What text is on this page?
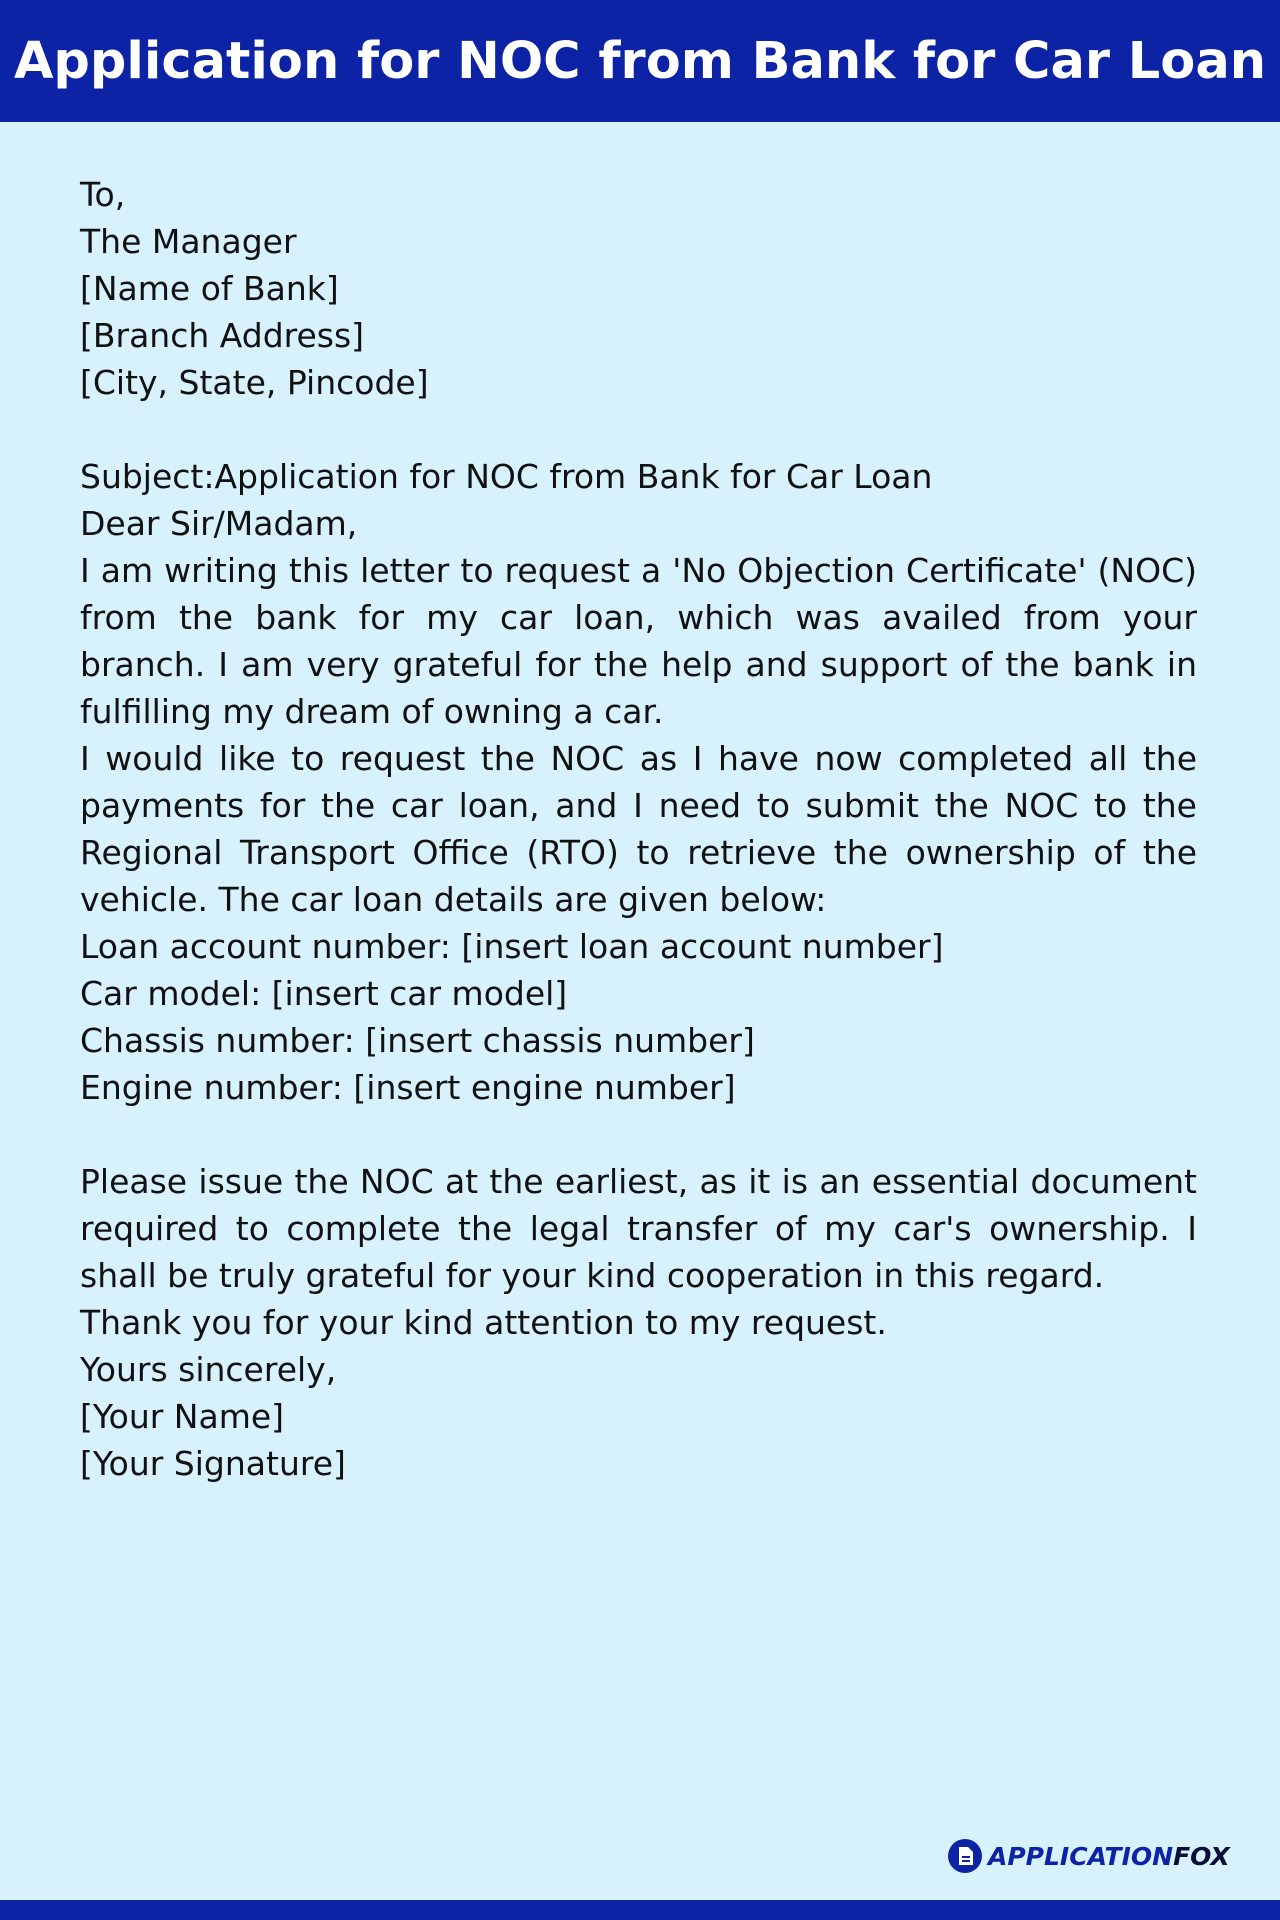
Application for NOC from Bank for Car Loan
To,
The Manager
[Name of Bank]
[Branch Address]
[City, State, Pincode]

Subject:Application for NOC from Bank for Car Loan

Dear Sir/Madam,

I am writing this letter to request a 'No Objection Certificate' (NOC) from the bank for my car loan, which was availed from your branch. I am very grateful for the help and support of the bank in fulfilling my dream of owning a car.

I would like to request the NOC as I have now completed all the payments for the car loan, and I need to submit the NOC to the Regional Transport Office (RTO) to retrieve the ownership of the vehicle. The car loan details are given below:

Loan account number: [insert loan account number]
Car model: [insert car model]
Chassis number: [insert chassis number]
Engine number: [insert engine number]

Please issue the NOC at the earliest, as it is an essential document required to complete the legal transfer of my car's ownership. I shall be truly grateful for your kind cooperation in this regard.

Thank you for your kind attention to my request.

Yours sincerely,

[Your Name]
[Your Signature]
APPLICATIONFOX
